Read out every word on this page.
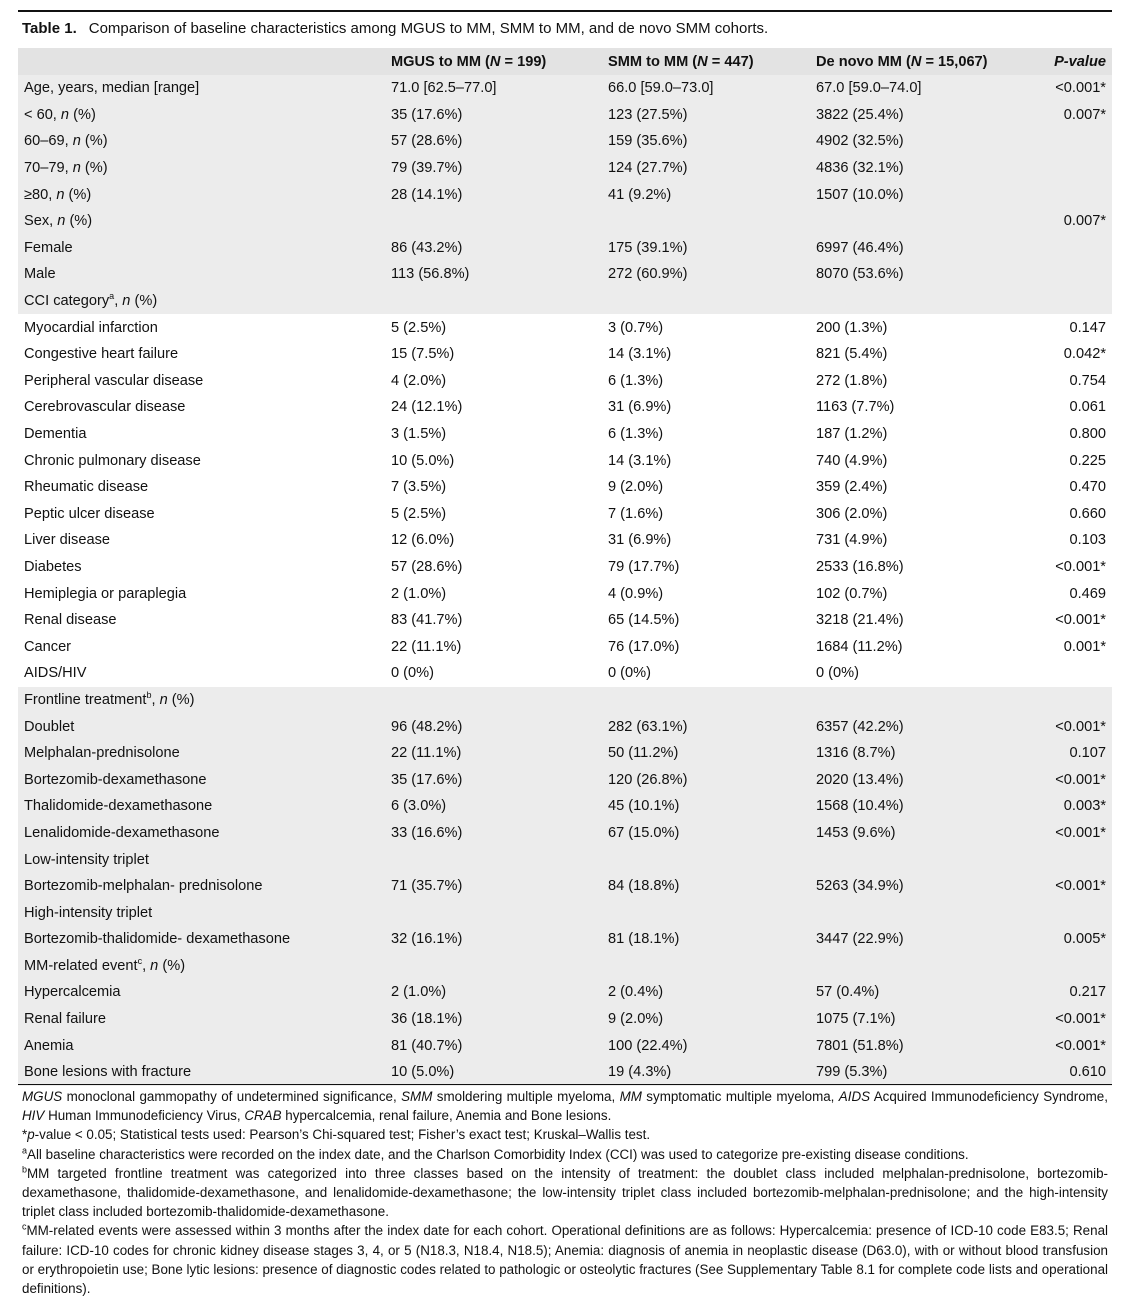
Table 1. Comparison of baseline characteristics among MGUS to MM, SMM to MM, and de novo SMM cohorts.
	MGUS to MM (N = 199)	SMM to MM (N = 447)	De novo MM (N = 15,067)	P-value
Age, years, median [range]	71.0 [62.5–77.0]	66.0 [59.0–73.0]	67.0 [59.0–74.0]	<0.001*
< 60, n (%)	35 (17.6%)	123 (27.5%)	3822 (25.4%)	0.007*
60–69, n (%)	57 (28.6%)	159 (35.6%)	4902 (32.5%)	
70–79, n (%)	79 (39.7%)	124 (27.7%)	4836 (32.1%)	
≥80, n (%)	28 (14.1%)	41 (9.2%)	1507 (10.0%)	
Sex, n (%)				0.007*
Female	86 (43.2%)	175 (39.1%)	6997 (46.4%)	
Male	113 (56.8%)	272 (60.9%)	8070 (53.6%)	
CCI category$^a$, n (%)				
Myocardial infarction	5 (2.5%)	3 (0.7%)	200 (1.3%)	0.147
Congestive heart failure	15 (7.5%)	14 (3.1%)	821 (5.4%)	0.042*
Peripheral vascular disease	4 (2.0%)	6 (1.3%)	272 (1.8%)	0.754
Cerebrovascular disease	24 (12.1%)	31 (6.9%)	1163 (7.7%)	0.061
Dementia	3 (1.5%)	6 (1.3%)	187 (1.2%)	0.800
Chronic pulmonary disease	10 (5.0%)	14 (3.1%)	740 (4.9%)	0.225
Rheumatic disease	7 (3.5%)	9 (2.0%)	359 (2.4%)	0.470
Peptic ulcer disease	5 (2.5%)	7 (1.6%)	306 (2.0%)	0.660
Liver disease	12 (6.0%)	31 (6.9%)	731 (4.9%)	0.103
Diabetes	57 (28.6%)	79 (17.7%)	2533 (16.8%)	<0.001*
Hemiplegia or paraplegia	2 (1.0%)	4 (0.9%)	102 (0.7%)	0.469
Renal disease	83 (41.7%)	65 (14.5%)	3218 (21.4%)	<0.001*
Cancer	22 (11.1%)	76 (17.0%)	1684 (11.2%)	0.001*
AIDS/HIV	0 (0%)	0 (0%)	0 (0%)	
Frontline treatment$^b$, n (%)				
Doublet	96 (48.2%)	282 (63.1%)	6357 (42.2%)	<0.001*
Melphalan-prednisolone	22 (11.1%)	50 (11.2%)	1316 (8.7%)	0.107
Bortezomib-dexamethasone	35 (17.6%)	120 (26.8%)	2020 (13.4%)	<0.001*
Thalidomide-dexamethasone	6 (3.0%)	45 (10.1%)	1568 (10.4%)	0.003*
Lenalidomide-dexamethasone	33 (16.6%)	67 (15.0%)	1453 (9.6%)	<0.001*
Low-intensity triplet				
Bortezomib-melphalan- prednisolone	71 (35.7%)	84 (18.8%)	5263 (34.9%)	<0.001*
High-intensity triplet				
Bortezomib-thalidomide- dexamethasone	32 (16.1%)	81 (18.1%)	3447 (22.9%)	0.005*
MM-related event$^c$, n (%)				
Hypercalcemia	2 (1.0%)	2 (0.4%)	57 (0.4%)	0.217
Renal failure	36 (18.1%)	9 (2.0%)	1075 (7.1%)	<0.001*
Anemia	81 (40.7%)	100 (22.4%)	7801 (51.8%)	<0.001*
Bone lesions with fracture	10 (5.0%)	19 (4.3%)	799 (5.3%)	0.610

MGUS monoclonal gammopathy of undetermined significance, SMM smoldering multiple myeloma, MM symptomatic multiple myeloma, AIDS Acquired Immunodeficiency Syndrome, HIV Human Immunodeficiency Virus, CRAB hypercalcemia, renal failure, Anemia and Bone lesions.

*p-value < 0.05; Statistical tests used: Pearson’s Chi-squared test; Fisher’s exact test; Kruskal–Wallis test.

$^a$All baseline characteristics were recorded on the index date, and the Charlson Comorbidity Index (CCI) was used to categorize pre-existing disease conditions.

$^b$MM targeted frontline treatment was categorized into three classes based on the intensity of treatment: the doublet class included melphalan-prednisolone, bortezomib-dexamethasone, thalidomide-dexamethasone, and lenalidomide-dexamethasone; the low-intensity triplet class included bortezomib-melphalan-prednisolone; and the high-intensity triplet class included bortezomib-thalidomide-dexamethasone.

$^c$MM-related events were assessed within 3 months after the index date for each cohort. Operational definitions are as follows: Hypercalcemia: presence of ICD-10 code E83.5; Renal failure: ICD-10 codes for chronic kidney disease stages 3, 4, or 5 (N18.3, N18.4, N18.5); Anemia: diagnosis of anemia in neoplastic disease (D63.0), with or without blood transfusion or erythropoietin use; Bone lytic lesions: presence of diagnostic codes related to pathologic or osteolytic fractures (See Supplementary Table 8.1 for complete code lists and operational definitions).
